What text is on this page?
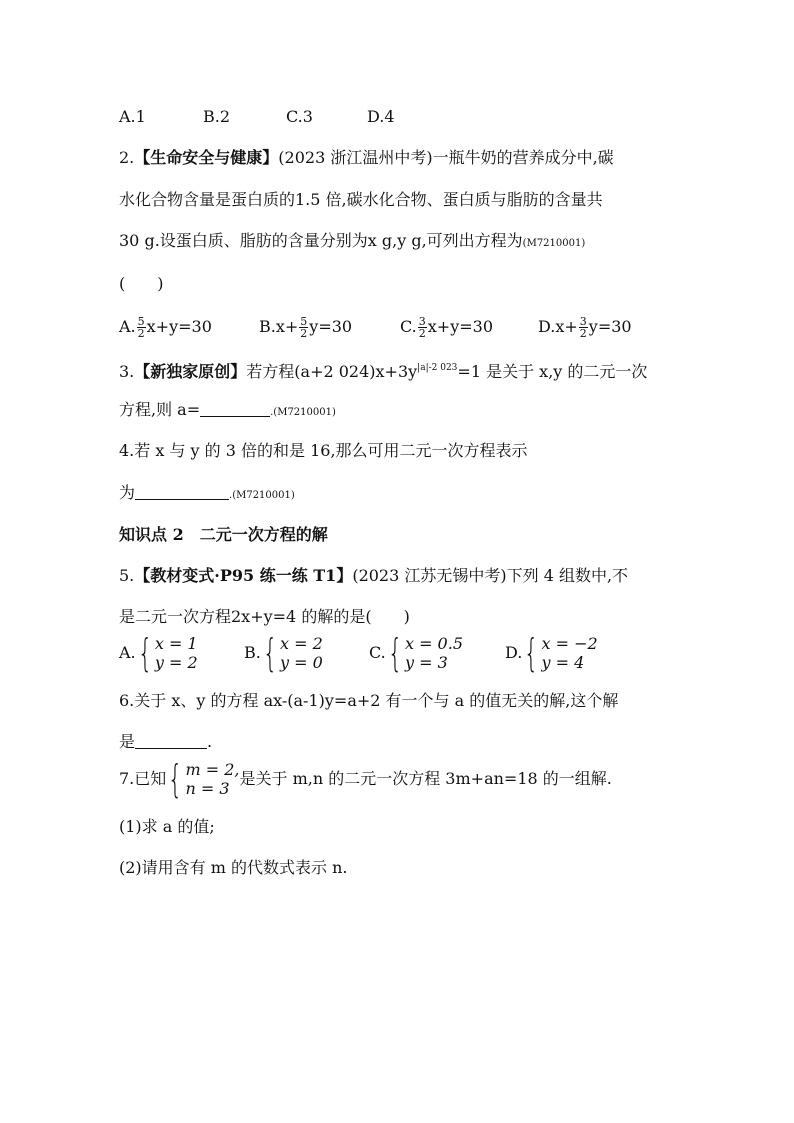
A.1	B.2	C.3	D.4
2.【生命安全与健康】(2023 浙江温州中考)一瓶牛奶的营养成分中,碳
水化合物含量是蛋白质的1.5 倍,碳水化合物、蛋白质与脂肪的含量共
30 g.设蛋白质、脂肪的含量分别为x g,y g,可列出方程为(M7210001)
(　　)
A. $\frac{5}{2} x+y=30$	$B.x+ \frac{5}{2} y=30$	C. $\frac{3}{2} x+y=30$	$D.x+ \frac{3}{2} y=30$
3.【新独家原创】若方程(a+2 $024)x+3y^{|a|-2 023}=1$ 是关于 x,y 的二元一次
方程,则 a=	.(M7210001)
4.若 x 与 y 的 3 倍的和是 16,那么可用二元一次方程表示
为	.(M7210001)
知识点 2　二元一次方程的解
5.【教材变式·P95 练一练 T1】(2023 江苏无锡中考)下列 4 组数中,不
是二元一次方程2x+y=4 的解的是(　　)
A. { x = 1
y = 2
B. { x = 2
y = 0
C. { x = 0.5
y = 3
D. { x = −2
y = 4
6.关于 x、y 的方程 ax-(a-1)y=a+2 有一个与 a 的值无关的解,这个解
是	.
7.已知 { m = 2,
n = 3
是关于 m,n 的二元一次方程 3m+an=18 的一组解.
(1)求 a 的值;
(2)请用含有 m 的代数式表示 n.
